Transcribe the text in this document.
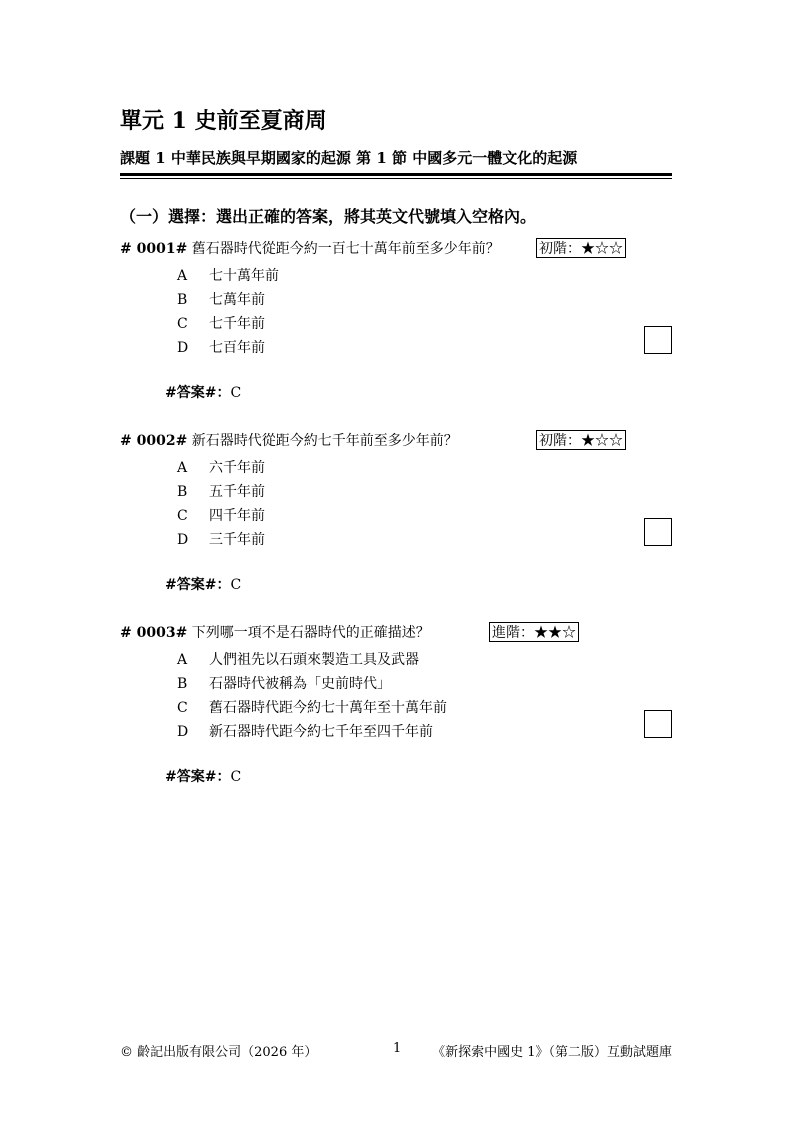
單元 1 史前至夏商周
課題 1 中華民族與早期國家的起源 第 1 節 中國多元一體文化的起源
（一）選擇：選出正確的答案，將其英文代號填入空格內。
# 0001# 舊石器時代從距今約一百七十萬年前至多少年前？	初階：★☆☆
A 七十萬年前
B 七萬年前
C 七千年前
D 七百年前
#答案#：C
# 0002# 新石器時代從距今約七千年前至多少年前？	初階：★☆☆
A 六千年前
B 五千年前
C 四千年前
D 三千年前
#答案#：C
# 0003# 下列哪一項不是石器時代的正確描述？	進階：★★☆
A 人們祖先以石頭來製造工具及武器
B 石器時代被稱為「史前時代」
C 舊石器時代距今約七十萬年至十萬年前
D 新石器時代距今約七千年至四千年前
#答案#：C
© 齡記出版有限公司（2026 年）	1 《新探索中國史 1》（第二版）互動試題庫
